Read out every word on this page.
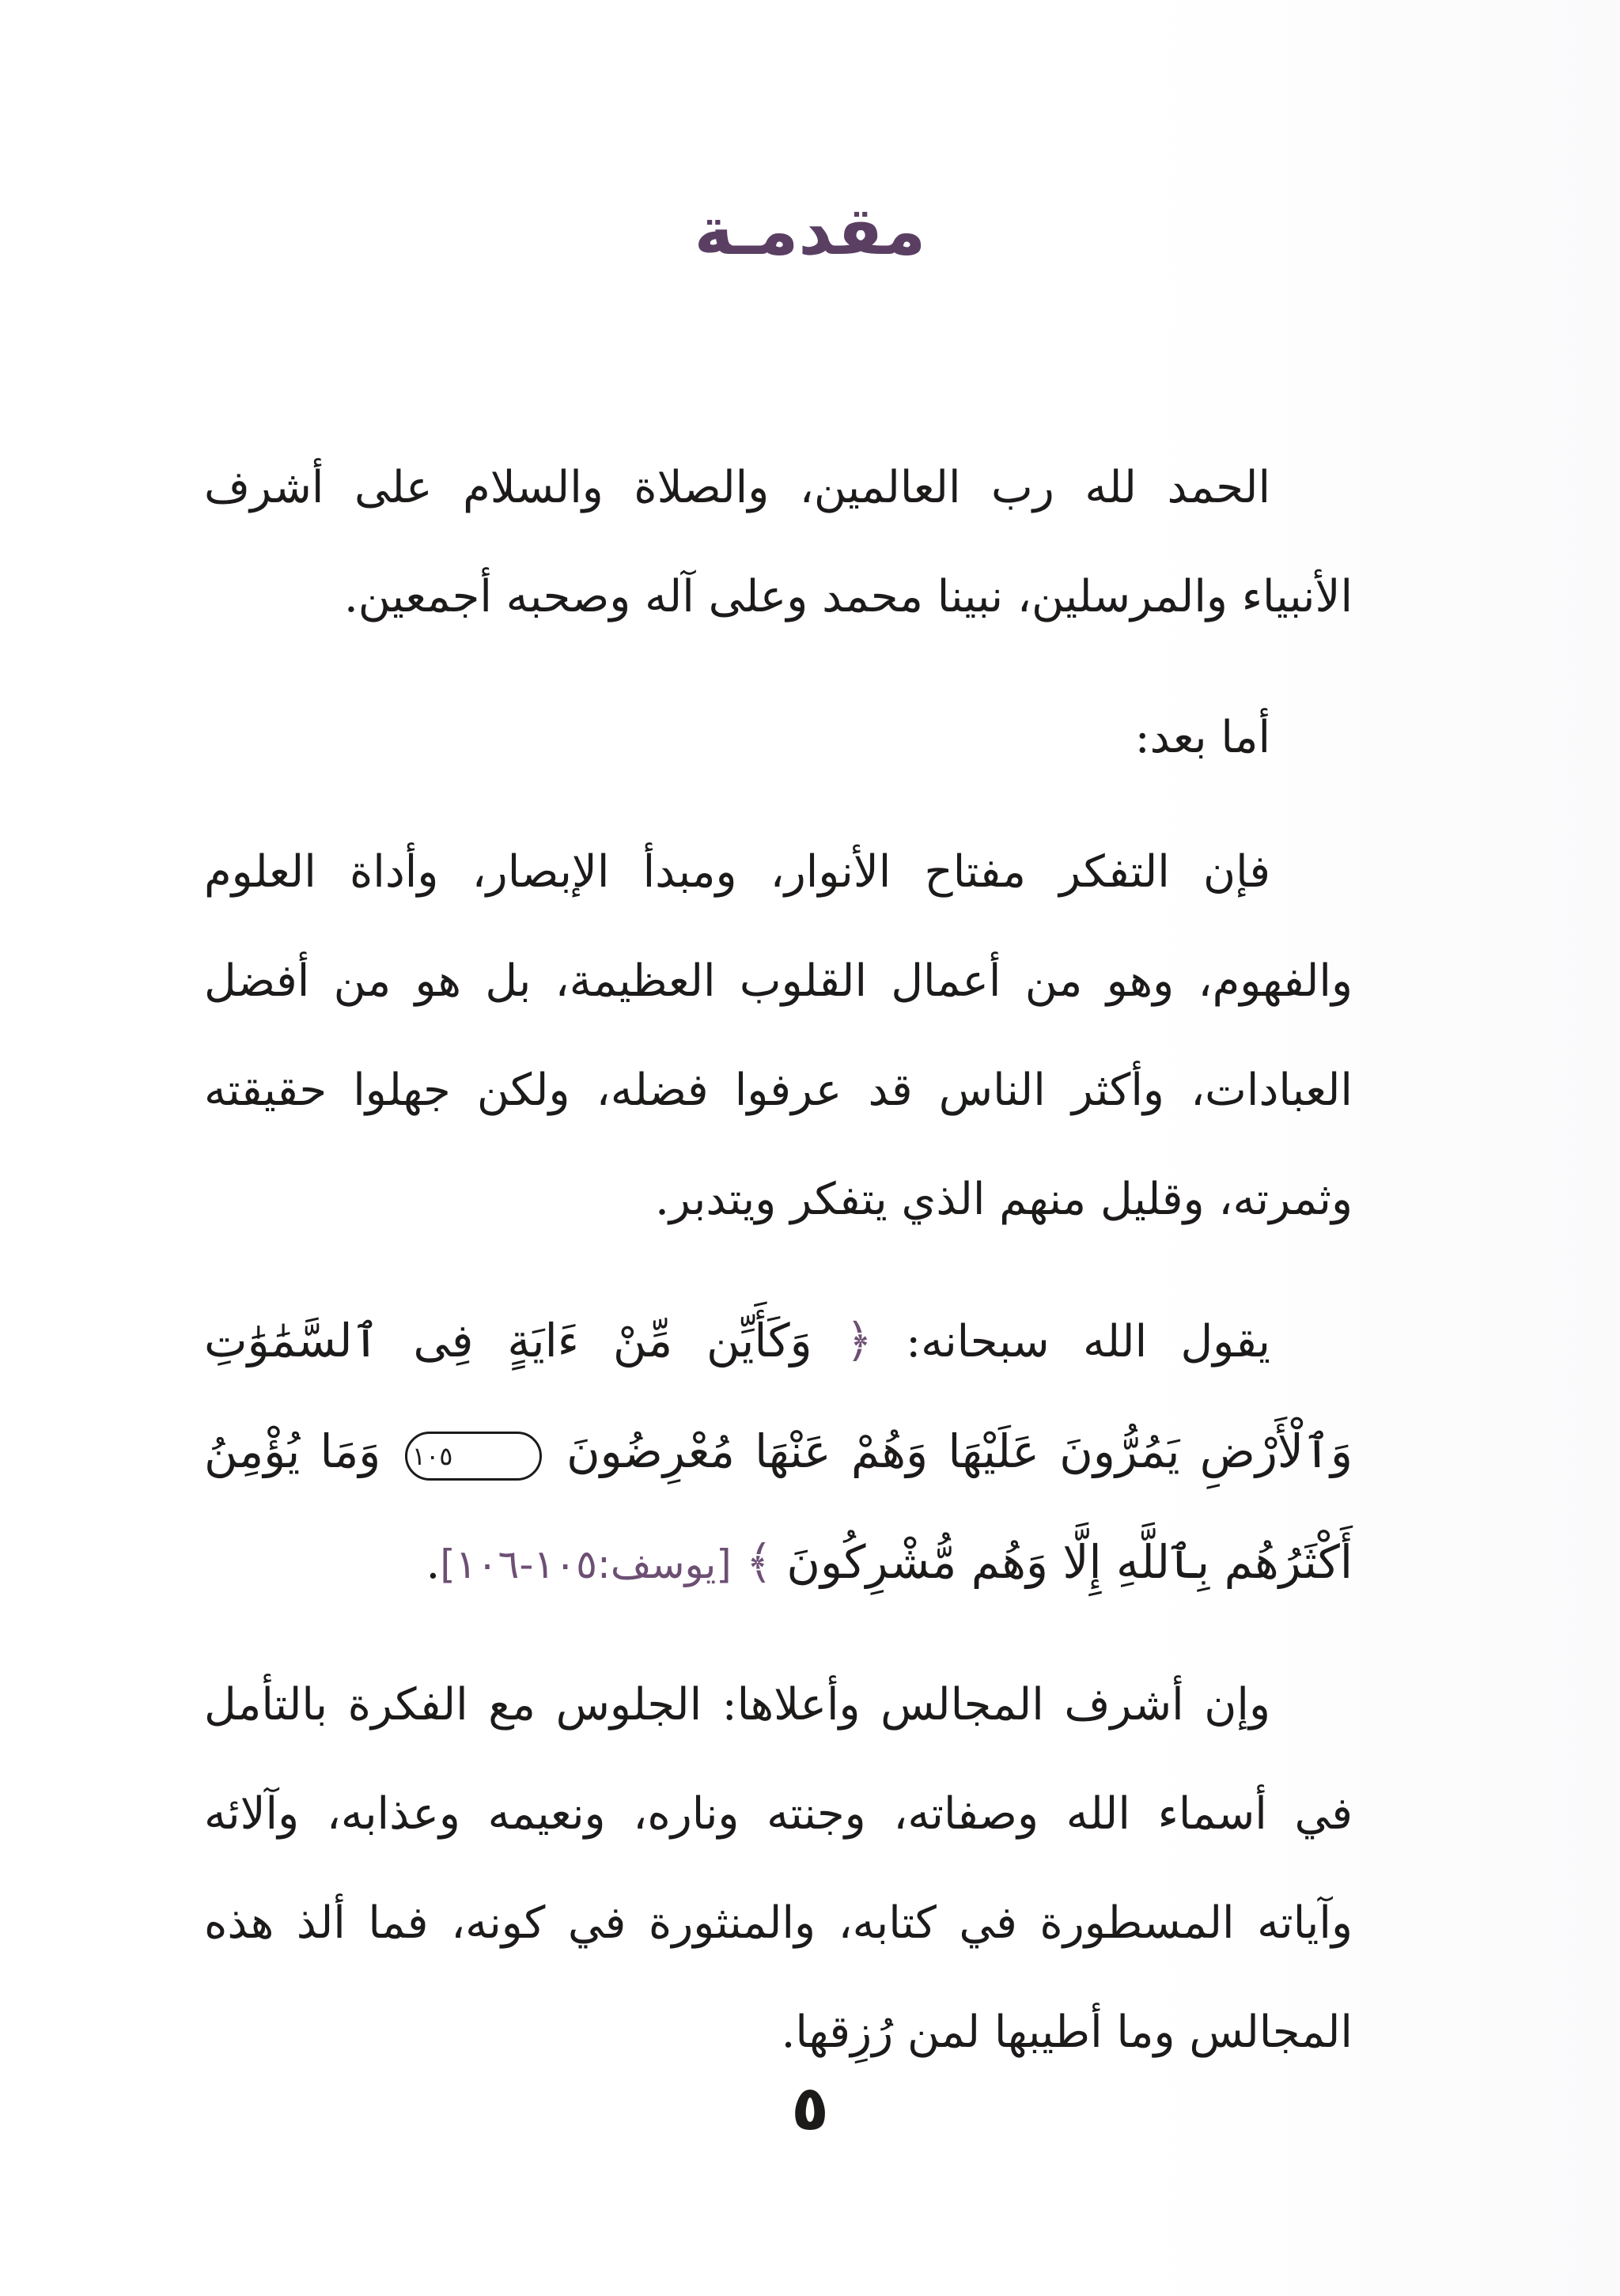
مقدمـة

الحمد لله رب العالمين، والصلاة والسلام على أشرف الأنبياء والمرسلين، نبينا محمد وعلى آله وصحبه أجمعين.

أما بعد:

فإن التفكر مفتاح الأنوار، ومبدأ الإبصار، وأداة العلوم والفهوم، وهو من أعمال القلوب العظيمة، بل هو من أفضل العبادات، وأكثر الناس قد عرفوا فضله، ولكن جهلوا حقيقته وثمرته، وقليل منهم الذي يتفكر ويتدبر.

يقول الله سبحانه: ﴿ وَكَأَيِّن مِّنْ ءَايَةٍ فِى ٱلسَّمَٰوَٰتِ وَٱلْأَرْضِ يَمُرُّونَ عَلَيْهَا وَهُمْ عَنْهَا مُعْرِضُونَ ١٠٥ وَمَا يُؤْمِنُ أَكْثَرُهُم بِٱللَّهِ إِلَّا وَهُم مُّشْرِكُونَ ﴾ [يوسف:١٠٥-١٠٦].

وإن أشرف المجالس وأعلاها: الجلوس مع الفكرة بالتأمل في أسماء الله وصفاته، وجنته وناره، ونعيمه وعذابه، وآلائه وآياته المسطورة في كتابه، والمنثورة في كونه، فما ألذ هذه المجالس وما أطيبها لمن رُزِقها.

٥
